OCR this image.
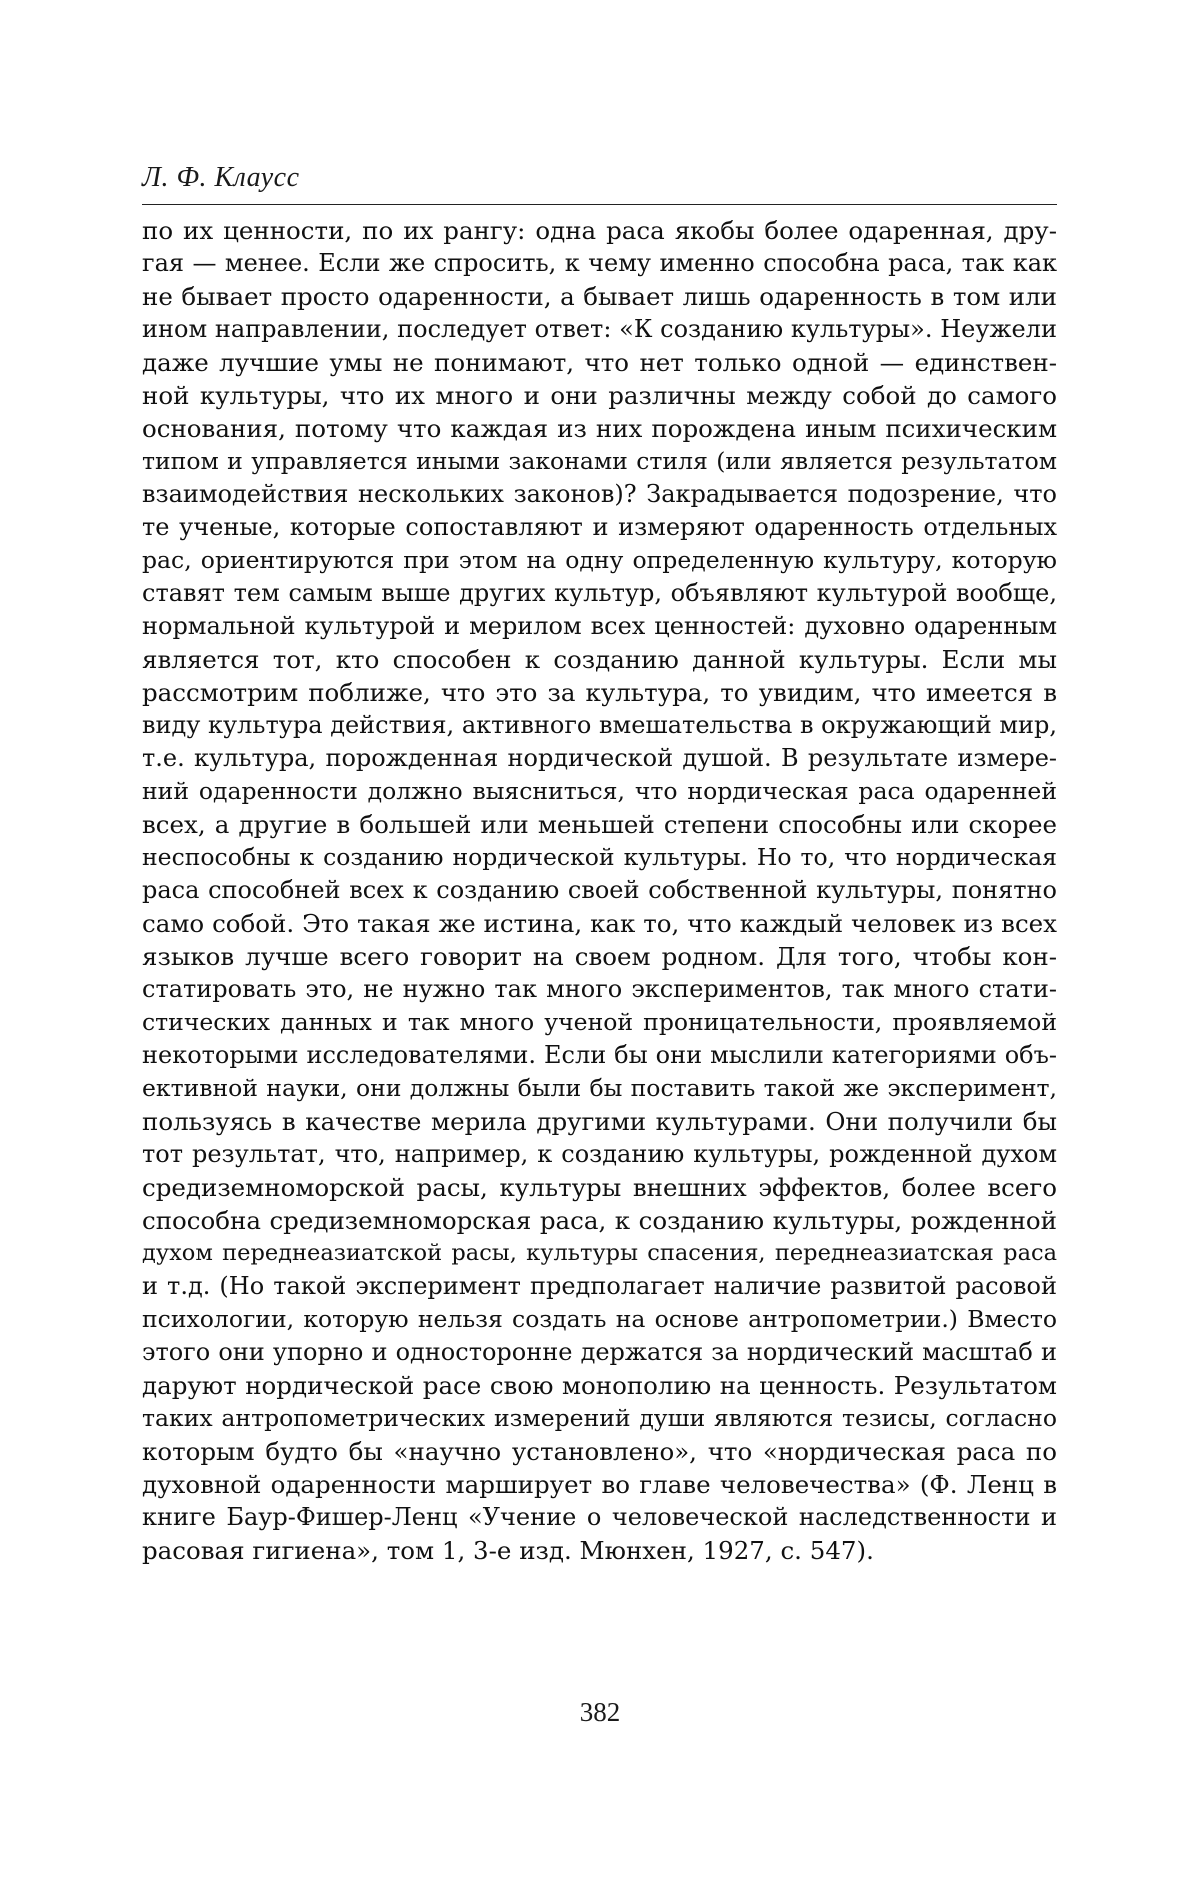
Л. Ф. Клаусс
по их ценности, по их рангу: одна раса якобы более одаренная, дру-
гая — менее. Если же спросить, к чему именно способна раса, так как
не бывает просто одаренности, а бывает лишь одаренность в том или
ином направлении, последует ответ: «К созданию культуры». Неужели
даже лучшие умы не понимают, что нет только одной — единствен-
ной культуры, что их много и они различны между собой до самого
основания, потому что каждая из них порождена иным психическим
типом и управляется иными законами стиля (или является результатом
взаимодействия нескольких законов)? Закрадывается подозрение, что
те ученые, которые сопоставляют и измеряют одаренность отдельных
рас, ориентируются при этом на одну определенную культуру, которую
ставят тем самым выше других культур, объявляют культурой вообще,
нормальной культурой и мерилом всех ценностей: духовно одаренным
является тот, кто способен к созданию данной культуры. Если мы
рассмотрим поближе, что это за культура, то увидим, что имеется в
виду культура действия, активного вмешательства в окружающий мир,
т.е. культура, порожденная нордической душой. В результате измере-
ний одаренности должно выясниться, что нордическая раса одаренней
всех, а другие в большей или меньшей степени способны или скорее
неспособны к созданию нордической культуры. Но то, что нордическая
раса способней всех к созданию своей собственной культуры, понятно
само собой. Это такая же истина, как то, что каждый человек из всех
языков лучше всего говорит на своем родном. Для того, чтобы кон-
статировать это, не нужно так много экспериментов, так много стати-
стических данных и так много ученой проницательности, проявляемой
некоторыми исследователями. Если бы они мыслили категориями объ-
ективной науки, они должны были бы поставить такой же эксперимент,
пользуясь в качестве мерила другими культурами. Они получили бы
тот результат, что, например, к созданию культуры, рожденной духом
средиземноморской расы, культуры внешних эффектов, более всего
способна средиземноморская раса, к созданию культуры, рожденной
духом переднеазиатской расы, культуры спасения, переднеазиатская раса
и т.д. (Но такой эксперимент предполагает наличие развитой расовой
психологии, которую нельзя создать на основе антропометрии.) Вместо
этого они упорно и односторонне держатся за нордический масштаб и
даруют нордической расе свою монополию на ценность. Результатом
таких антропометрических измерений души являются тезисы, согласно
которым будто бы «научно установлено», что «нордическая раса по
духовной одаренности марширует во главе человечества» (Ф. Ленц в
книге Баур-Фишер-Ленц «Учение о человеческой наследственности и
расовая гигиена», том 1, 3-е изд. Мюнхен, 1927, с. 547).
382
